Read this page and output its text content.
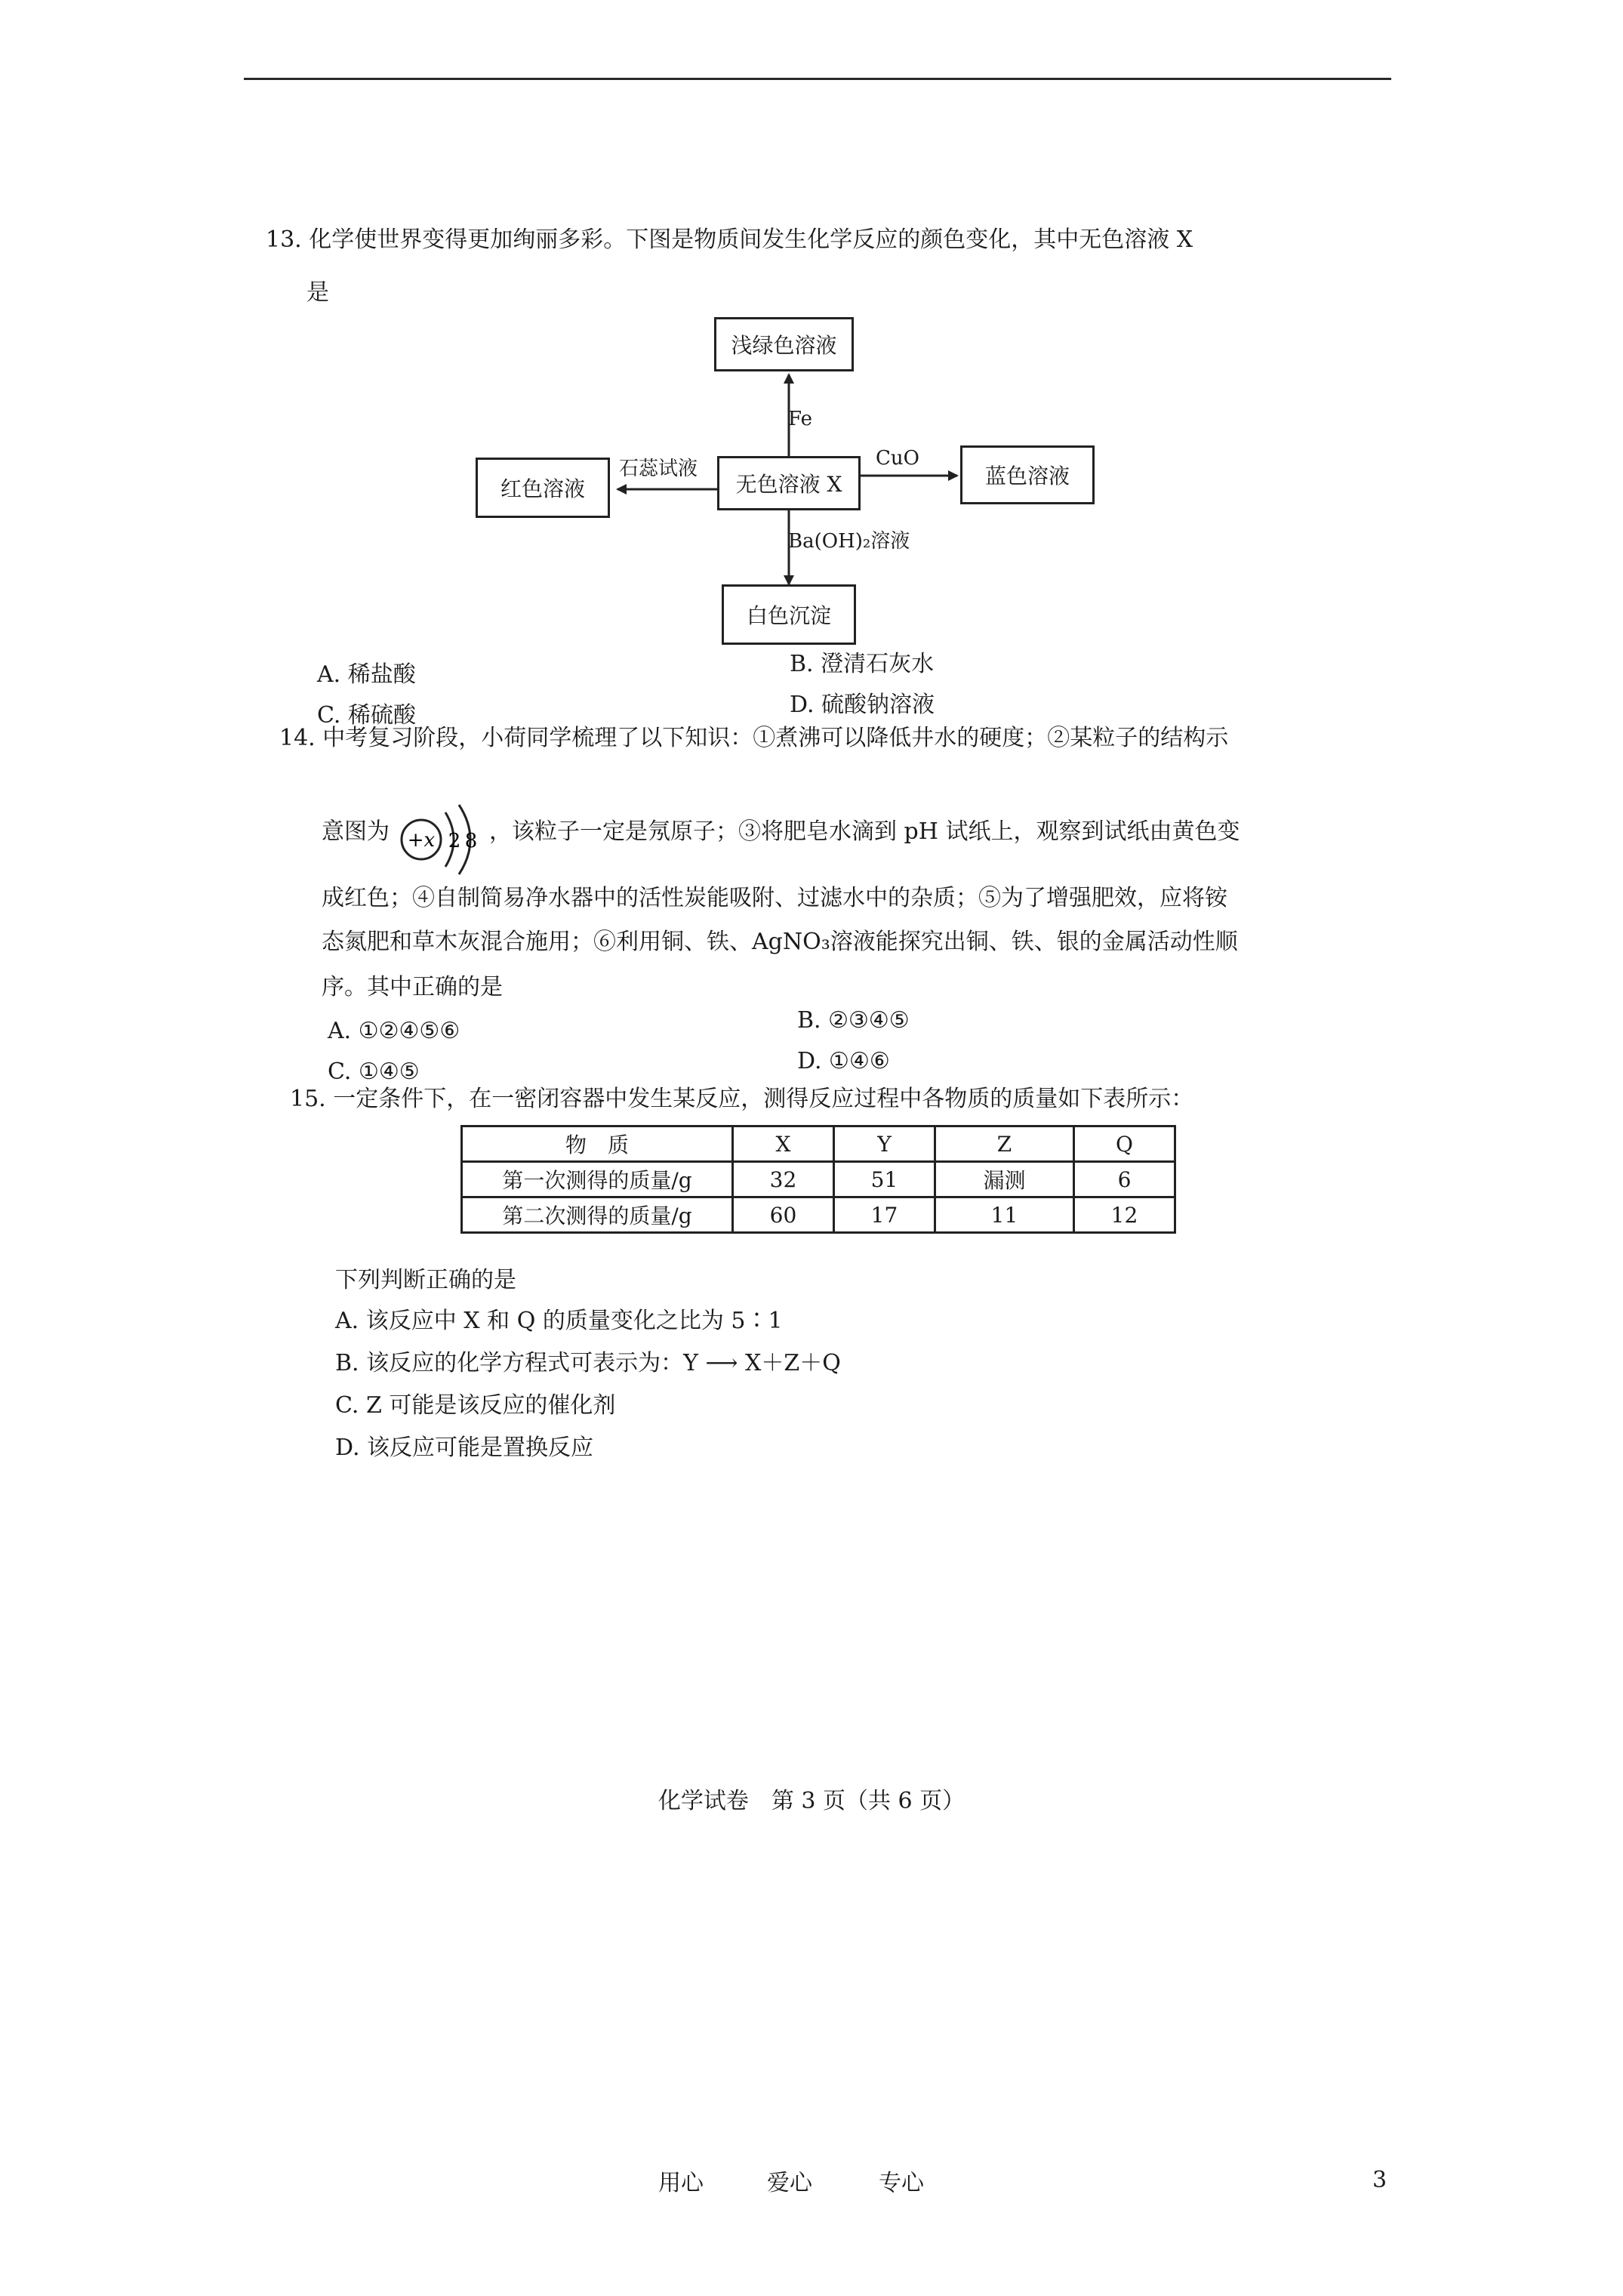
13. 化学使世界变得更加绚丽多彩。下图是物质间发生化学反应的颜色变化，其中无色溶液 X
是
浅绿色溶液
红色溶液	无色溶液 X	蓝色溶液
白色沉淀
Fe
石蕊试液	CuO
Ba(OH)₂溶液
A. 稀盐酸	B. 澄清石灰水
C. 稀硫酸	D. 硫酸钠溶液
14. 中考复习阶段，小荷同学梳理了以下知识：①煮沸可以降低井水的硬度；②某粒子的结构示
意图为	，该粒子一定是氖原子；③将肥皂水滴到 pH 试纸上，观察到试纸由黄色变
+x 2 8
成红色；④自制简易净水器中的活性炭能吸附、过滤水中的杂质；⑤为了增强肥效，应将铵
态氮肥和草木灰混合施用；⑥利用铜、铁、AgNO₃溶液能探究出铜、铁、银的金属活动性顺
序。其中正确的是
A. ①②④⑤⑥	B. ②③④⑤
C. ①④⑤	D. ①④⑥
15. 一定条件下，在一密闭容器中发生某反应，测得反应过程中各物质的质量如下表所示：
物　质	X	Y	Z	Q
第一次测得的质量/g	32	51	漏测	6
第二次测得的质量/g	60	17	11	12
下列判断正确的是
A. 该反应中 X 和 Q 的质量变化之比为 5∶1
B. 该反应的化学方程式可表示为：Y ⟶ X＋Z＋Q
C. Z 可能是该反应的催化剂
D. 该反应可能是置换反应
化学试卷　第 3 页（共 6 页）
用心	爱心	专心	3
